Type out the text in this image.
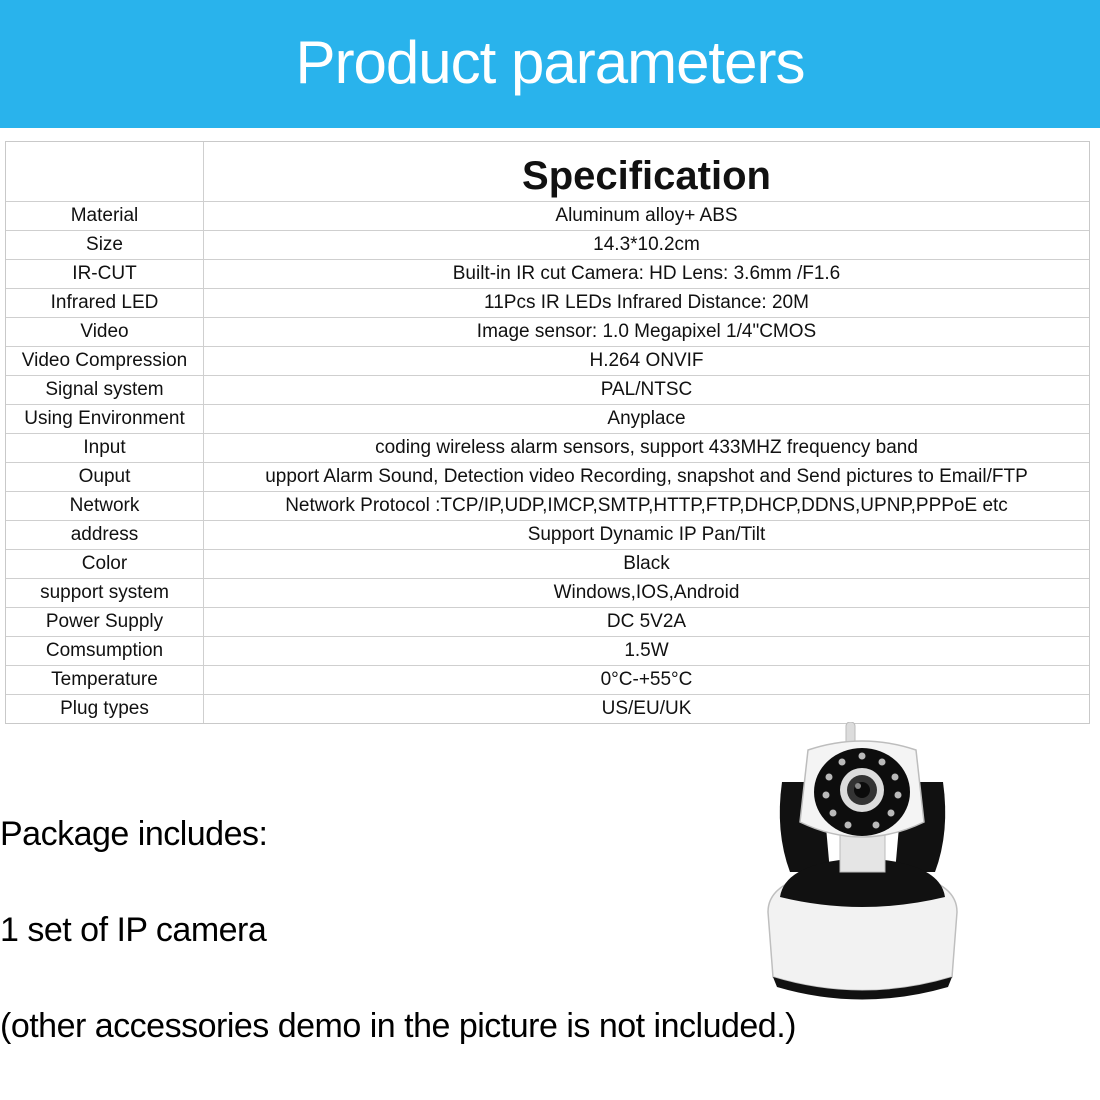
Product parameters
	Specification
Material	Aluminum alloy+ ABS
Size	14.3*10.2cm
IR-CUT	Built-in IR cut Camera: HD Lens: 3.6mm /F1.6
Infrared LED	11Pcs IR LEDs Infrared Distance: 20M
Video	Image sensor: 1.0 Megapixel 1/4"CMOS
Video Compression	H.264 ONVIF
Signal system	PAL/NTSC
Using Environment	Anyplace
Input	coding wireless alarm sensors, support 433MHZ frequency band
Ouput	upport Alarm Sound, Detection video Recording, snapshot and Send pictures to Email/FTP
Network	Network Protocol :TCP/IP,UDP,IMCP,SMTP,HTTP,FTP,DHCP,DDNS,UPNP,PPPoE etc
address	Support Dynamic IP Pan/Tilt
Color	Black
support system	Windows,IOS,Android
Power Supply	DC 5V2A
Comsumption	1.5W
Temperature	0°C-+55°C
Plug types	US/EU/UK
Package includes:
1 set of IP camera
(other accessories demo in the picture is not included.)
